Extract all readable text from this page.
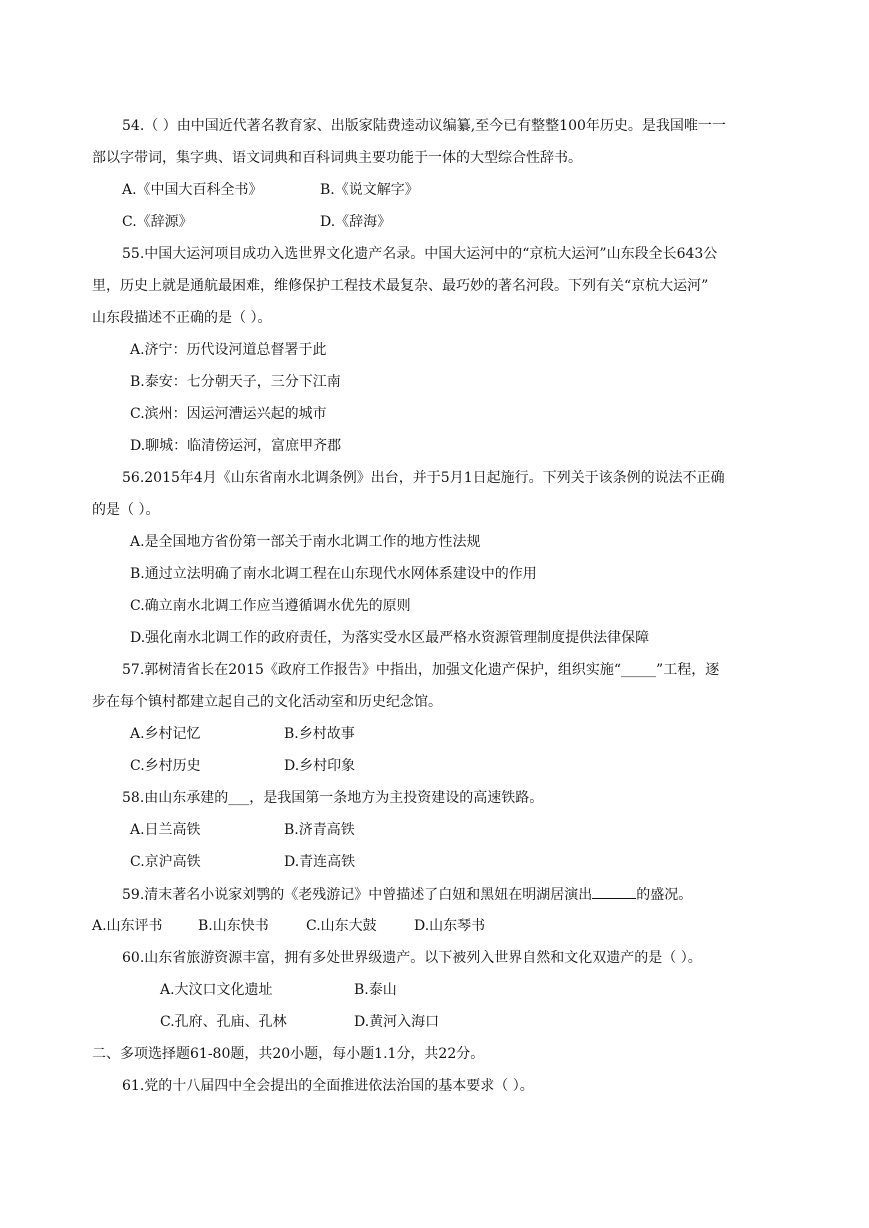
54.（ ）由中国近代著名教育家、出版家陆费逵动议编纂,至今已有整整100年历史。是我国唯一一
部以字带词，集字典、语文词典和百科词典主要功能于一体的大型综合性辞书。
A.《中国大百科全书》	B.《说文解字》
C.《辞源》	D.《辞海》
55.中国大运河项目成功入选世界文化遗产名录。中国大运河中的“京杭大运河”山东段全长643公
里，历史上就是通航最困难，维修保护工程技术最复杂、最巧妙的著名河段。下列有关“京杭大运河”
山东段描述不正确的是（ ）。
A.济宁：历代设河道总督署于此
B.泰安：七分朝天子，三分下江南
C.滨州：因运河漕运兴起的城市
D.聊城：临清傍运河，富庶甲齐郡
56.2015年4月《山东省南水北调条例》出台，并于5月1日起施行。下列关于该条例的说法不正确
的是（ ）。
A.是全国地方省份第一部关于南水北调工作的地方性法规
B.通过立法明确了南水北调工程在山东现代水网体系建设中的作用
C.确立南水北调工作应当遵循调水优先的原则
D.强化南水北调工作的政府责任，为落实受水区最严格水资源管理制度提供法律保障
57.郭树清省长在2015《政府工作报告》中指出，加强文化遗产保护，组织实施“_____”工程，逐
步在每个镇村都建立起自己的文化活动室和历史纪念馆。
A.乡村记忆	B.乡村故事
C.乡村历史	D.乡村印象
58.由山东承建的___，是我国第一条地方为主投资建设的高速铁路。
A.日兰高铁	B.济青高铁
C.京沪高铁	D.青连高铁
59.清末著名小说家刘鹗的《老残游记》中曾描述了白妞和黑妞在明湖居演出	的盛况。
A.山东评书	B.山东快书	C.山东大鼓	D.山东琴书
60.山东省旅游资源丰富，拥有多处世界级遗产。以下被列入世界自然和文化双遗产的是（ ）。
A.大汶口文化遗址	B.泰山
C.孔府、孔庙、孔林	D.黄河入海口
二、多项选择题61-80题，共20小题，每小题1.1分，共22分。
61.党的十八届四中全会提出的全面推进依法治国的基本要求（ ）。
